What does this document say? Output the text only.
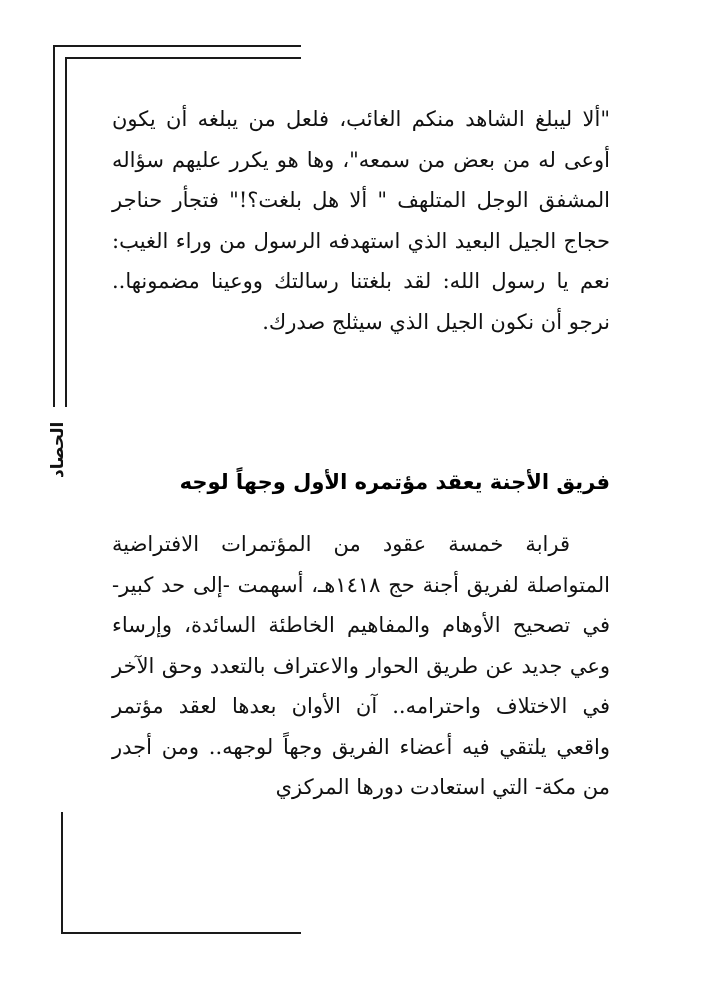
الحصاد
"ألا ليبلغ الشاهد منكم الغائب، فلعل من يبلغه أن يكون أوعى له من بعض من سمعه"، وها هو يكرر عليهم سؤاله المشفق الوجل المتلهف " ألا هل بلغت؟!" فتجأر حناجر حجاج الجيل البعيد الذي استهدفه الرسول من وراء الغيب: نعم يا رسول الله: لقد بلغتنا رسالتك ووعينا مضمونها.. نرجو أن نكون الجيل الذي سيثلج صدرك.
فريق الأجنة يعقد مؤتمره الأول وجهاً لوجه
قرابة خمسة عقود من المؤتمرات الافتراضية المتواصلة لفريق أجنة حج ١٤١٨هـ، أسهمت -إلى حد كبير-في تصحيح الأوهام والمفاهيم الخاطئة السائدة، وإرساء وعي جديد عن طريق الحوار والاعتراف بالتعدد وحق الآخر في الاختلاف واحترامه.. آن الأوان بعدها لعقد مؤتمر واقعي يلتقي فيه أعضاء الفريق وجهاً لوجهه.. ومن أجدر من مكة- التي استعادت دورها المركزي
